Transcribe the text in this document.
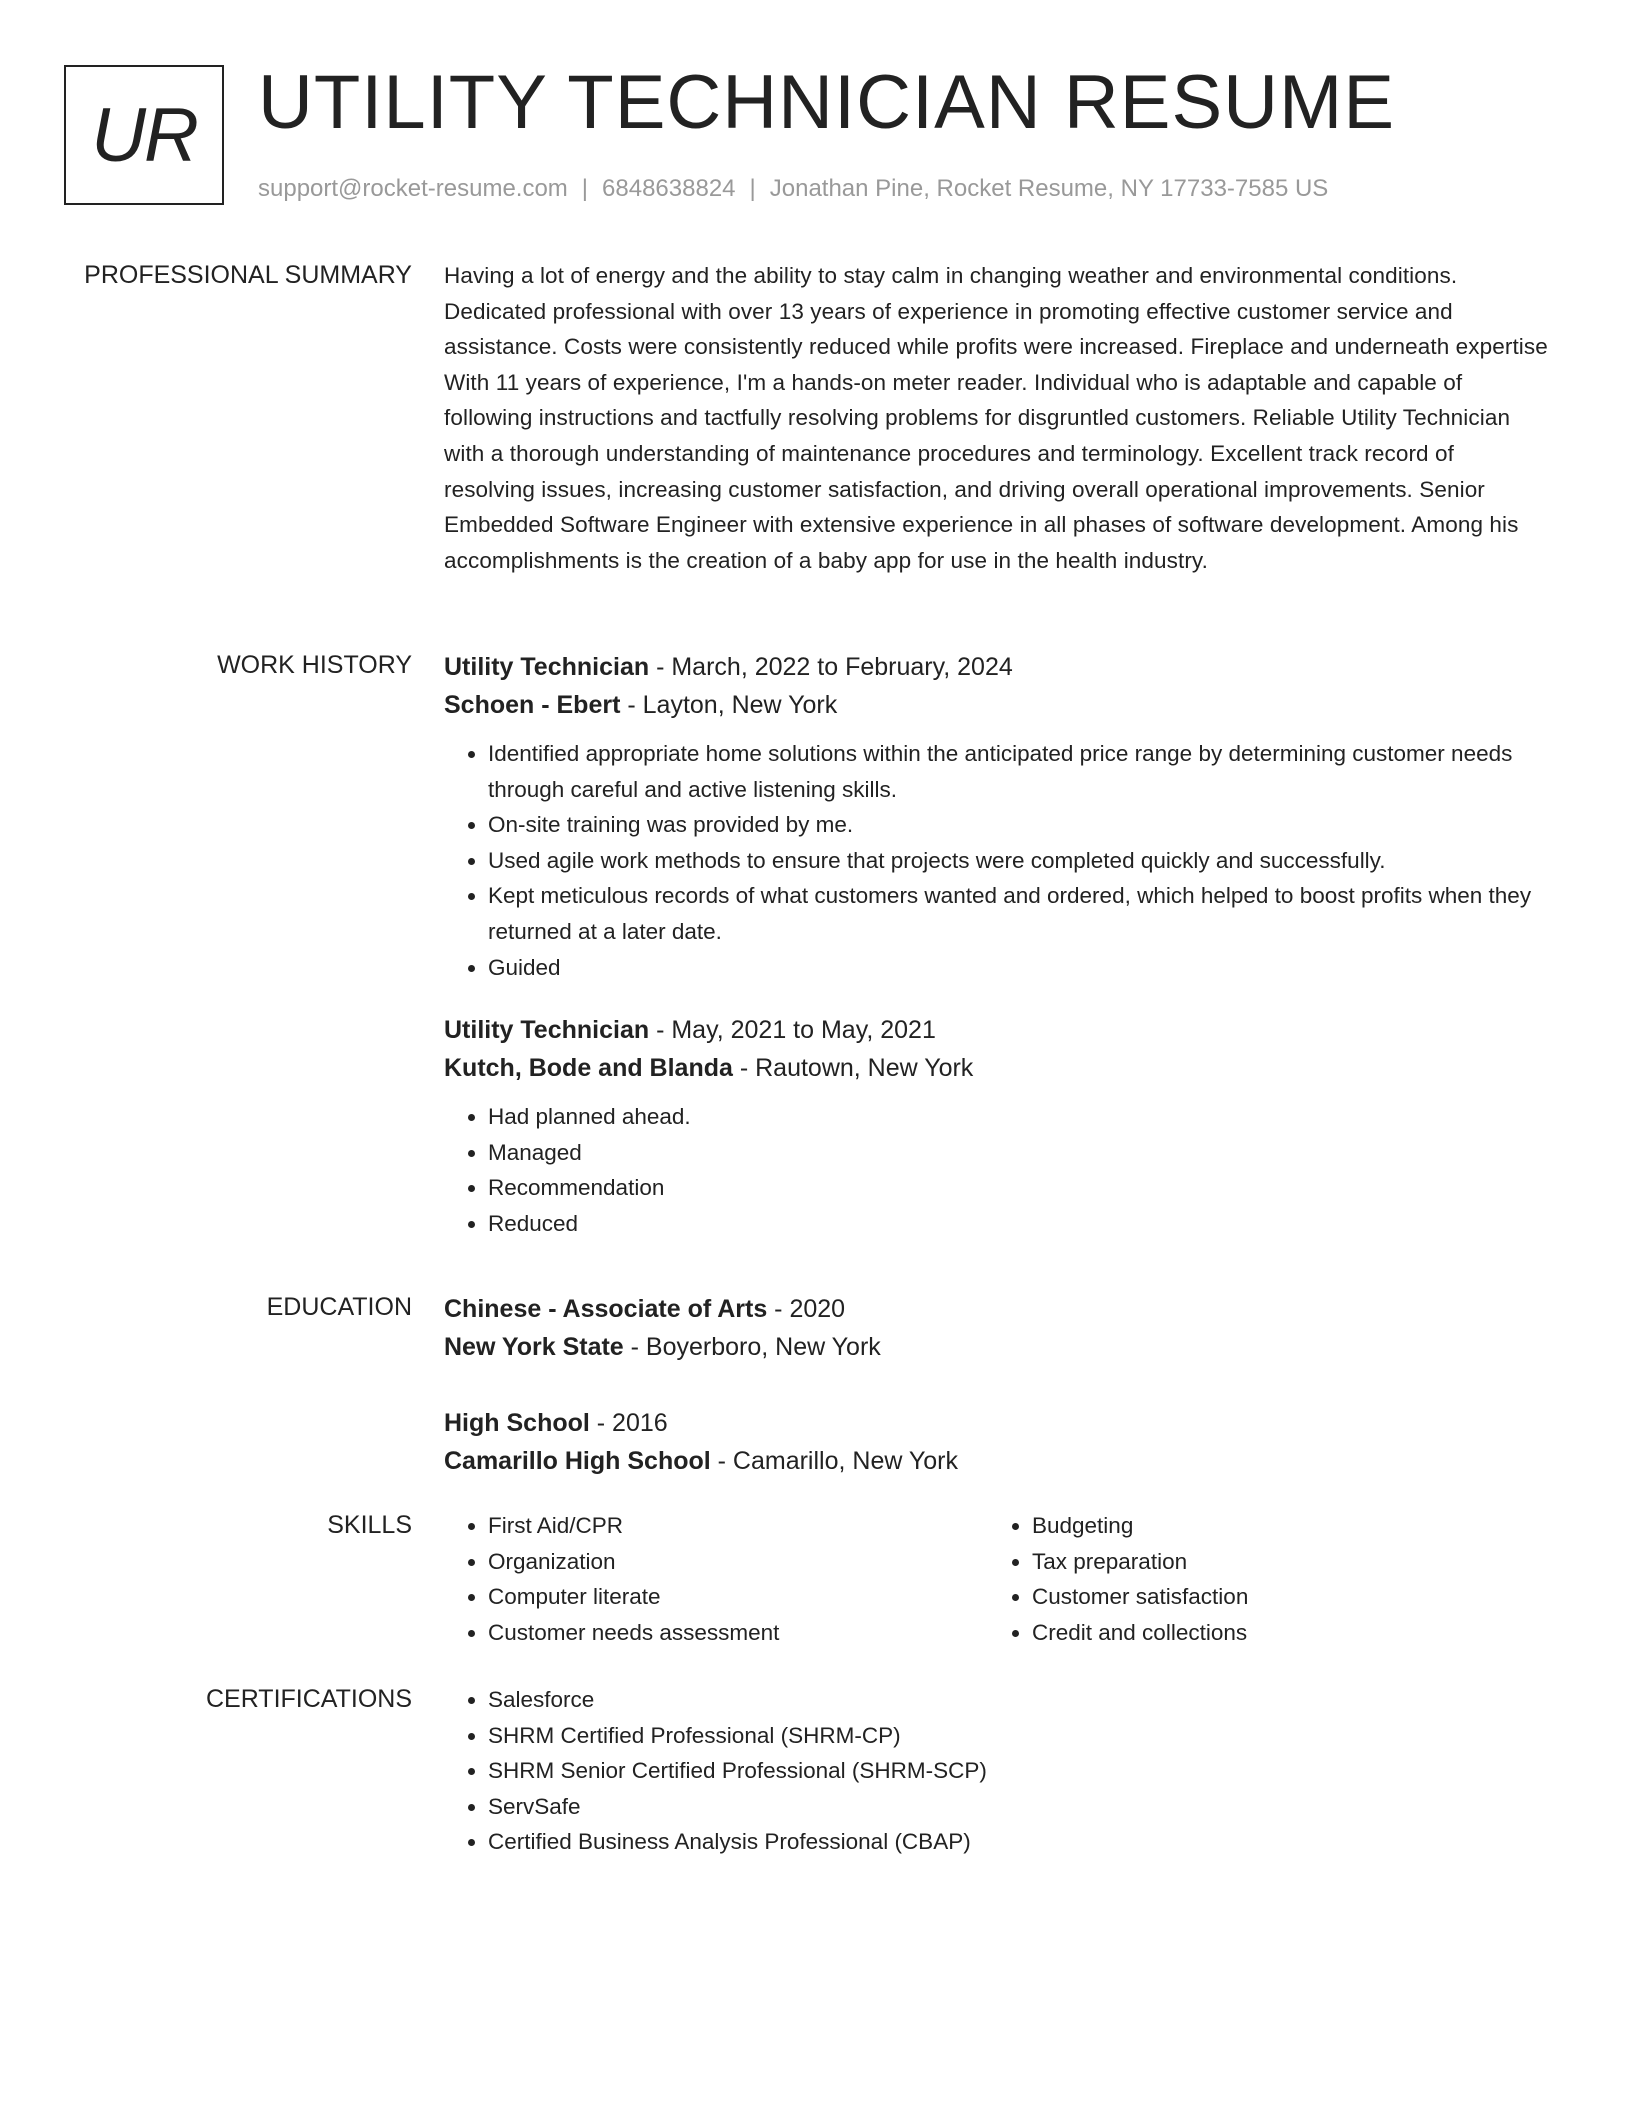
UR UTILITY TECHNICIAN RESUME
support@rocket-resume.com | 6848638824 | Jonathan Pine, Rocket Resume, NY 17733-7585 US
PROFESSIONAL SUMMARY Having a lot of energy and the ability to stay calm in changing weather and environmental conditions. Dedicated professional with over 13 years of experience in promoting effective customer service and assistance. Costs were consistently reduced while profits were increased. Fireplace and underneath expertise With 11 years of experience, I'm a hands-on meter reader. Individual who is adaptable and capable of following instructions and tactfully resolving problems for disgruntled customers. Reliable Utility Technician with a thorough understanding of maintenance procedures and terminology. Excellent track record of resolving issues, increasing customer satisfaction, and driving overall operational improvements. Senior Embedded Software Engineer with extensive experience in all phases of software development. Among his accomplishments is the creation of a baby app for use in the health industry.

WORK HISTORY Utility Technician - March, 2022 to February, 2024

Schoen - Ebert - Layton, New York

• Identified appropriate home solutions within the anticipated price range by determining customer needs through careful and active listening skills.
• On-site training was provided by me.
• Used agile work methods to ensure that projects were completed quickly and successfully.
• Kept meticulous records of what customers wanted and ordered, which helped to boost profits when they returned at a later date.
• Guided

Utility Technician - May, 2021 to May, 2021

Kutch, Bode and Blanda - Rautown, New York

• Had planned ahead.
• Managed
• Recommendation
• Reduced
EDUCATION Chinese - Associate of Arts - 2020

New York State - Boyerboro, New York

High School - 2016

Camarillo High School - Camarillo, New York

SKILLS	• First Aid/CPR
• Organization
• Computer literate
• Customer needs assessment
• Budgeting
• Tax preparation
• Customer satisfaction
• Credit and collections
CERTIFICATIONS	• Salesforce
• SHRM Certified Professional (SHRM-CP)
• SHRM Senior Certified Professional (SHRM-SCP)
• ServSafe
• Certified Business Analysis Professional (CBAP)
